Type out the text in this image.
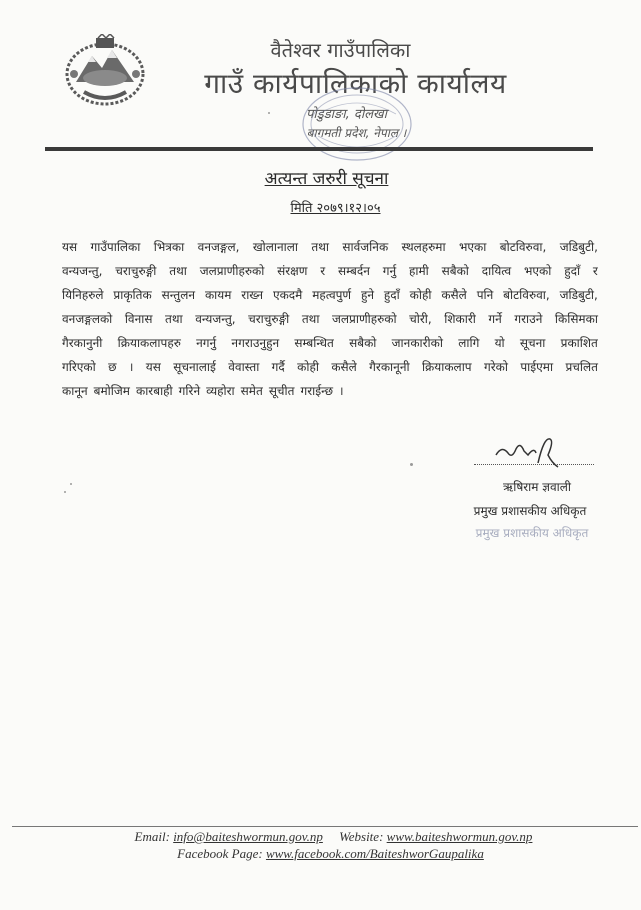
वैतेश्वर गाउँपालिका
गाउँ कार्यपालिकाको कार्यालय
पोडुडाङा, दोलखा
बागमती प्रदेश, नेपाल ।
अत्यन्त जरुरी सूचना
मिति २०७९।१२।०५
यस गाउँपालिका भित्रका वनजङ्गल, खोलानाला तथा सार्वजनिक स्थलहरुमा भएका बोटविरुवा, जडिबुटी,
वन्यजन्तु, चराचुरुङ्गी तथा जलप्राणीहरुको संरक्षण र सम्बर्दन गर्नु हामी सबैको दायित्व भएको हुदाँ र
यिनिहरुले प्राकृतिक सन्तुलन कायम राख्न एकदमै महत्वपुर्ण हुने हुदाँ कोही कसैले पनि बोटविरुवा, जडिबुटी,
वनजङ्गलको विनास तथा वन्यजन्तु, चराचुरुङ्गी तथा जलप्राणीहरुको चोरी, शिकारी गर्ने गराउने किसिमका
गैरकानुनी क्रियाकलापहरु नगर्नु नगराउनुहुन सम्बन्धित सबैको जानकारीको लागि यो सूचना प्रकाशित
गरिएको छ । यस सूचनालाई वेवास्ता गर्दै कोही कसैले गैरकानूनी क्रियाकलाप गरेको पाईएमा प्रचलित
कानून बमोजिम कारबाही गरिने व्यहोरा समेत सूचीत गराईन्छ ।
ऋषिराम ज्ञवाली
प्रमुख प्रशासकीय अधिकृत
प्रमुख प्रशासकीय अधिकृत
Email: info@baiteshwormun.gov.np Website: www.baiteshwormun.gov.np
Facebook Page: www.facebook.com/BaiteshworGaupalika
